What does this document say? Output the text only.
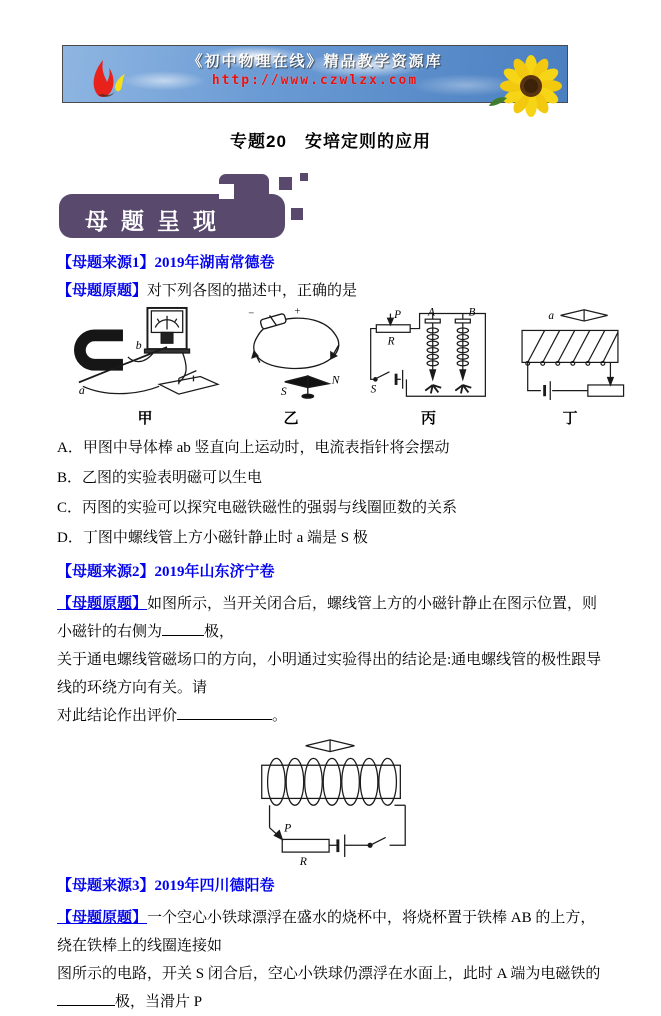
《初中物理在线》精品教学资源库
http://www.czwlzx.com
专题20　安培定则的应用
母题呈现
【母题来源1】2019年湖南常德卷
【母题原题】对下列各图的描述中，正确的是
a
b
甲
−	+
S
N
乙
P
R
S
A	B
丙
a
丁
A．甲图中导体棒 ab 竖直向上运动时，电流表指针将会摆动
B．乙图的实验表明磁可以生电
C．丙图的实验可以探究电磁铁磁性的强弱与线圈匝数的关系
D．丁图中螺线管上方小磁针静止时 a 端是 S 极
【母题来源2】2019年山东济宁卷
【母题原题】如图所示，当开关闭合后，螺线管上方的小磁针静止在图示位置，则小磁针的右侧为	极，
关于通电螺线管磁场口的方向，小明通过实验得出的结论是:通电螺线管的极性跟导线的环绕方向有关。请
对此结论作出评价	。
P
R
【母题来源3】2019年四川德阳卷
【母题原题】一个空心小铁球漂浮在盛水的烧杯中，将烧杯置于铁棒 AB 的上方，绕在铁棒上的线圈连接如
图所示的电路，开关 S 闭合后，空心小铁球仍漂浮在水面上，此时 A 端为电磁铁的极，当滑片 P
